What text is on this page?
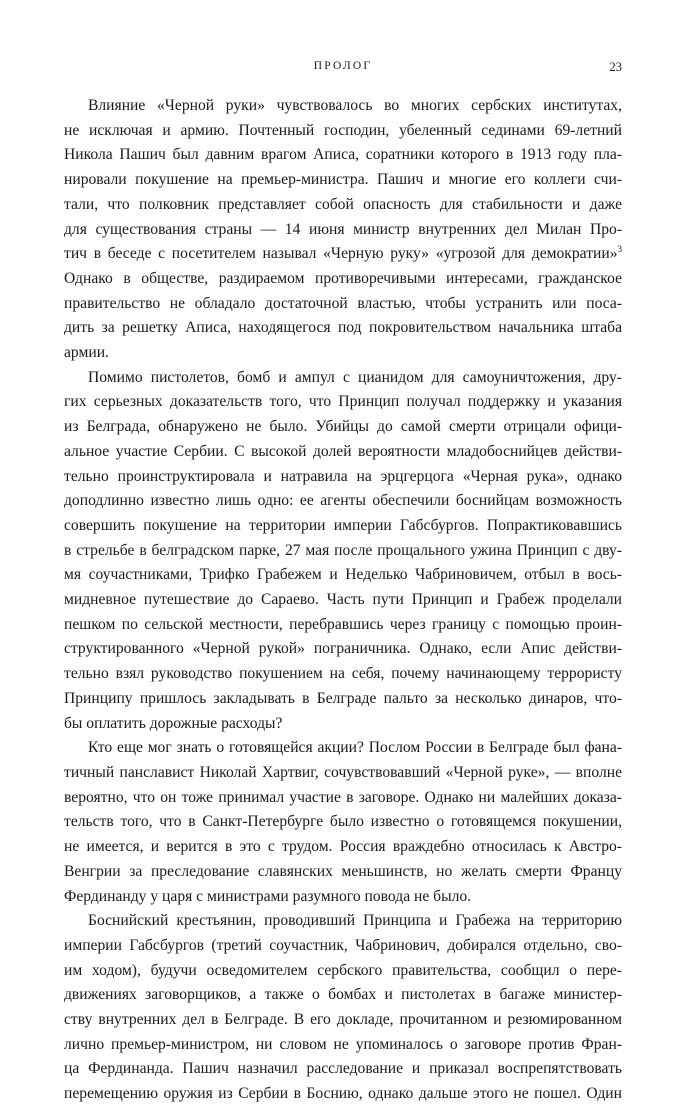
ПРОЛОГ	23
Влияние «Черной руки» чувствовалось во многих сербских институтах,
не исключая и армию. Почтенный господин, убеленный сединами 69-летний
Никола Пашич был давним врагом Аписа, соратники которого в 1913 году пла-
нировали покушение на премьер-министра. Пашич и многие его коллеги счи-
тали, что полковник представляет собой опасность для стабильности и даже
для существования страны — 14 июня министр внутренних дел Милан Про-
тич в беседе с посетителем называл «Черную руку» «угрозой для демократии»$^3$
Однако в обществе, раздираемом противоречивыми интересами, гражданское
правительство не обладало достаточной властью, чтобы устранить или поса-
дить за решетку Аписа, находящегося под покровительством начальника штаба
армии.
Помимо пистолетов, бомб и ампул с цианидом для самоуничтожения, дру-
гих серьезных доказательств того, что Принцип получал поддержку и указания
из Белграда, обнаружено не было. Убийцы до самой смерти отрицали офици-
альное участие Сербии. С высокой долей вероятности младобоснийцев действи-
тельно проинструктировала и натравила на эрцгерцога «Черная рука», однако
доподлинно известно лишь одно: ее агенты обеспечили боснийцам возможность
совершить покушение на территории империи Габсбургов. Попрактиковавшись
в стрельбе в белградском парке, 27 мая после прощального ужина Принцип с дву-
мя соучастниками, Трифко Грабежем и Неделько Чабриновичем, отбыл в вось-
мидневное путешествие до Сараево. Часть пути Принцип и Грабеж проделали
пешком по сельской местности, перебравшись через границу с помощью проин-
структированного «Черной рукой» пограничника. Однако, если Апис действи-
тельно взял руководство покушением на себя, почему начинающему террористу
Принципу пришлось закладывать в Белграде пальто за несколько динаров, что-
бы оплатить дорожные расходы?
Кто еще мог знать о готовящейся акции? Послом России в Белграде был фана-
тичный панславист Николай Хартвиг, сочувствовавший «Черной руке», — вполне
вероятно, что он тоже принимал участие в заговоре. Однако ни малейших доказа-
тельств того, что в Санкт-Петербурге было известно о готовящемся покушении,
не имеется, и верится в это с трудом. Россия враждебно относилась к Австро-
Венгрии за преследование славянских меньшинств, но желать смерти Францу
Фердинанду у царя с министрами разумного повода не было.
Боснийский крестьянин, проводивший Принципа и Грабежа на территорию
империи Габсбургов (третий соучастник, Чабринович, добирался отдельно, сво-
им ходом), будучи осведомителем сербского правительства, сообщил о пере-
движениях заговорщиков, а также о бомбах и пистолетах в багаже министер-
ству внутренних дел в Белграде. В его докладе, прочитанном и резюмированном
лично премьер-министром, ни словом не упоминалось о заговоре против Фран-
ца Фердинанда. Пашич назначил расследование и приказал воспрепятствовать
перемещению оружия из Сербии в Боснию, однако дальше этого не пошел. Один
